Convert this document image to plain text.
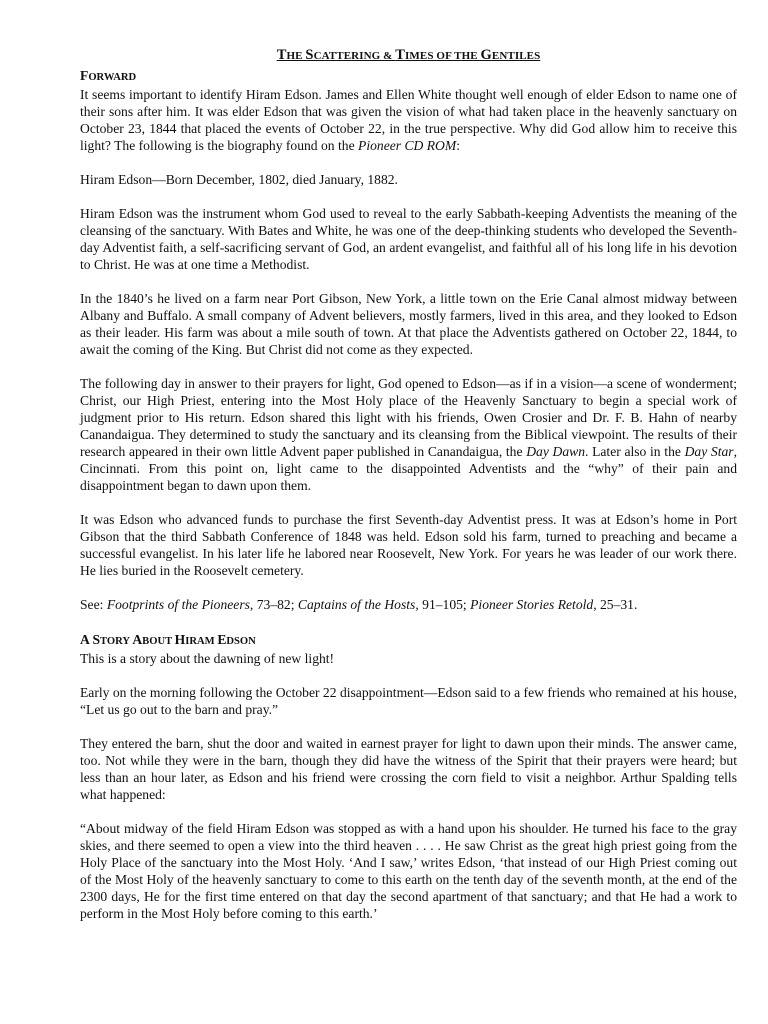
THE SCATTERING & TIMES OF THE GENTILES
FORWARD

It seems important to identify Hiram Edson. James and Ellen White thought well enough of elder Edson to name one of their sons after him. It was elder Edson that was given the vision of what had taken place in the heavenly sanctuary on October 23, 1844 that placed the events of October 22, in the true perspective. Why did God allow him to receive this light? The following is the biography found on the Pioneer CD ROM:

Hiram Edson—Born December, 1802, died January, 1882.

Hiram Edson was the instrument whom God used to reveal to the early Sabbath-keeping Adventists the meaning of the cleansing of the sanctuary. With Bates and White, he was one of the deep-thinking students who developed the Seventh-day Adventist faith, a self-sacrificing servant of God, an ardent evangelist, and faithful all of his long life in his devotion to Christ. He was at one time a Methodist.

In the 1840’s he lived on a farm near Port Gibson, New York, a little town on the Erie Canal almost midway between Albany and Buffalo. A small company of Advent believers, mostly farmers, lived in this area, and they looked to Edson as their leader. His farm was about a mile south of town. At that place the Adventists gathered on October 22, 1844, to await the coming of the King. But Christ did not come as they expected.

The following day in answer to their prayers for light, God opened to Edson—as if in a vision—a scene of wonderment; Christ, our High Priest, entering into the Most Holy place of the Heavenly Sanctuary to begin a special work of judgment prior to His return. Edson shared this light with his friends, Owen Crosier and Dr. F. B. Hahn of nearby Canandaigua. They determined to study the sanctuary and its cleansing from the Biblical viewpoint. The results of their research appeared in their own little Advent paper published in Canandaigua, the Day Dawn. Later also in the Day Star, Cincinnati. From this point on, light came to the disappointed Adventists and the “why” of their pain and disappointment began to dawn upon them.

It was Edson who advanced funds to purchase the first Seventh-day Adventist press. It was at Edson’s home in Port Gibson that the third Sabbath Conference of 1848 was held. Edson sold his farm, turned to preaching and became a successful evangelist. In his later life he labored near Roosevelt, New York. For years he was leader of our work there. He lies buried in the Roosevelt cemetery.

See: Footprints of the Pioneers, 73–82; Captains of the Hosts, 91–105; Pioneer Stories Retold, 25–31.

A STORY ABOUT HIRAM EDSON

This is a story about the dawning of new light!

Early on the morning following the October 22 disappointment—Edson said to a few friends who remained at his house, “Let us go out to the barn and pray.”

They entered the barn, shut the door and waited in earnest prayer for light to dawn upon their minds. The answer came, too. Not while they were in the barn, though they did have the witness of the Spirit that their prayers were heard; but less than an hour later, as Edson and his friend were crossing the corn field to visit a neighbor. Arthur Spalding tells what happened:

“About midway of the field Hiram Edson was stopped as with a hand upon his shoulder. He turned his face to the gray skies, and there seemed to open a view into the third heaven . . . . He saw Christ as the great high priest going from the Holy Place of the sanctuary into the Most Holy. ‘And I saw,’ writes Edson, ‘that instead of our High Priest coming out of the Most Holy of the heavenly sanctuary to come to this earth on the tenth day of the seventh month, at the end of the 2300 days, He for the first time entered on that day the second apartment of that sanctuary; and that He had a work to perform in the Most Holy before coming to this earth.’
